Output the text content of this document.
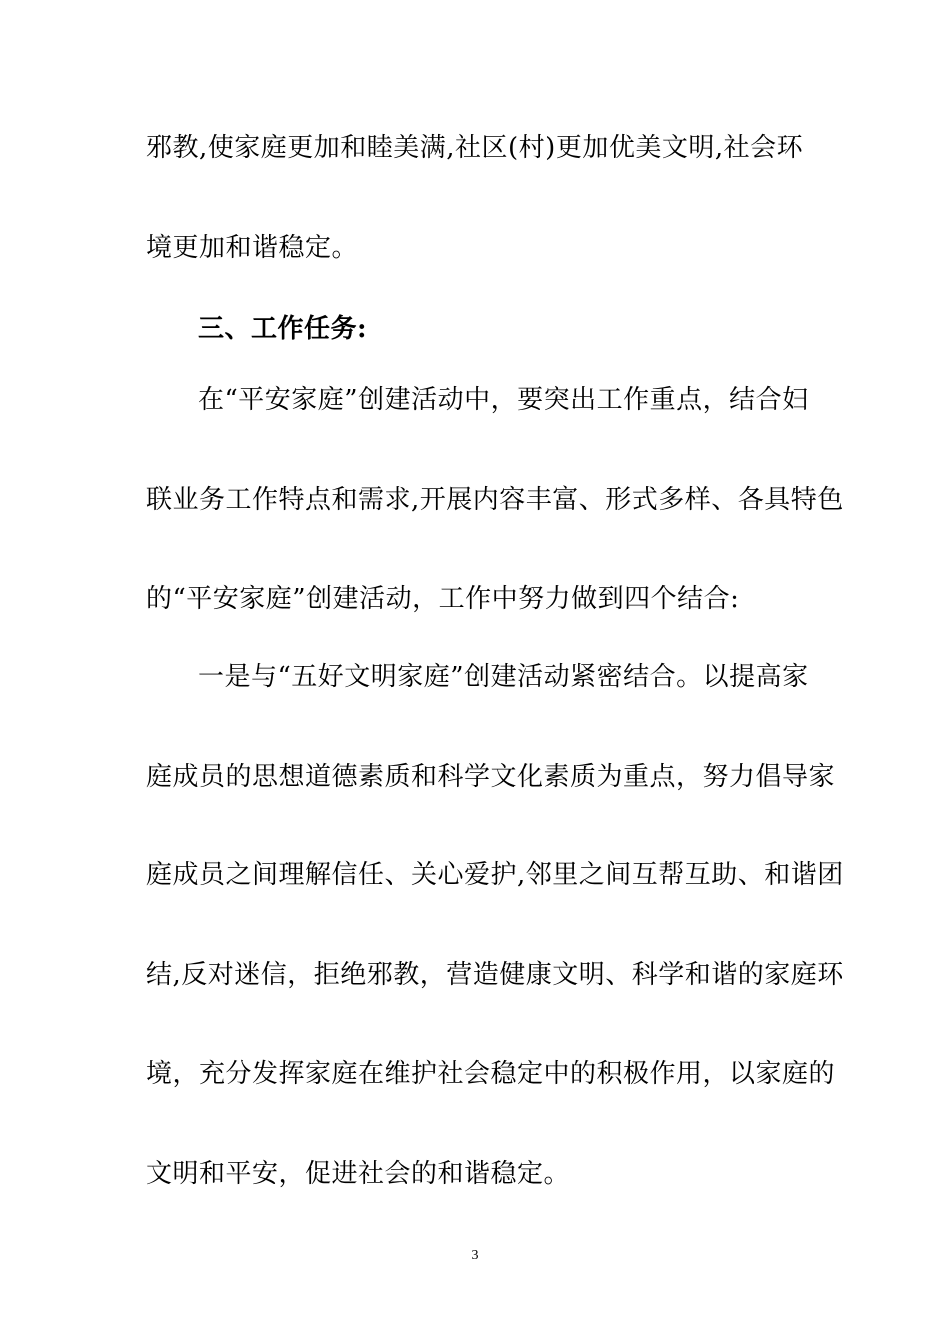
邪教,使家庭更加和睦美满,社区(村)更加优美文明,社会环
境更加和谐稳定。
三、工作任务:
在“平安家庭”创建活动中，要突出工作重点，结合妇
联业务工作特点和需求,开展内容丰富、形式多样、各具特色
的“平安家庭”创建活动，工作中努力做到四个结合:
一是与“五好文明家庭”创建活动紧密结合。以提高家
庭成员的思想道德素质和科学文化素质为重点，努力倡导家
庭成员之间理解信任、关心爱护,邻里之间互帮互助、和谐团
结,反对迷信，拒绝邪教，营造健康文明、科学和谐的家庭环
境，充分发挥家庭在维护社会稳定中的积极作用，以家庭的
文明和平安，促进社会的和谐稳定。
3
